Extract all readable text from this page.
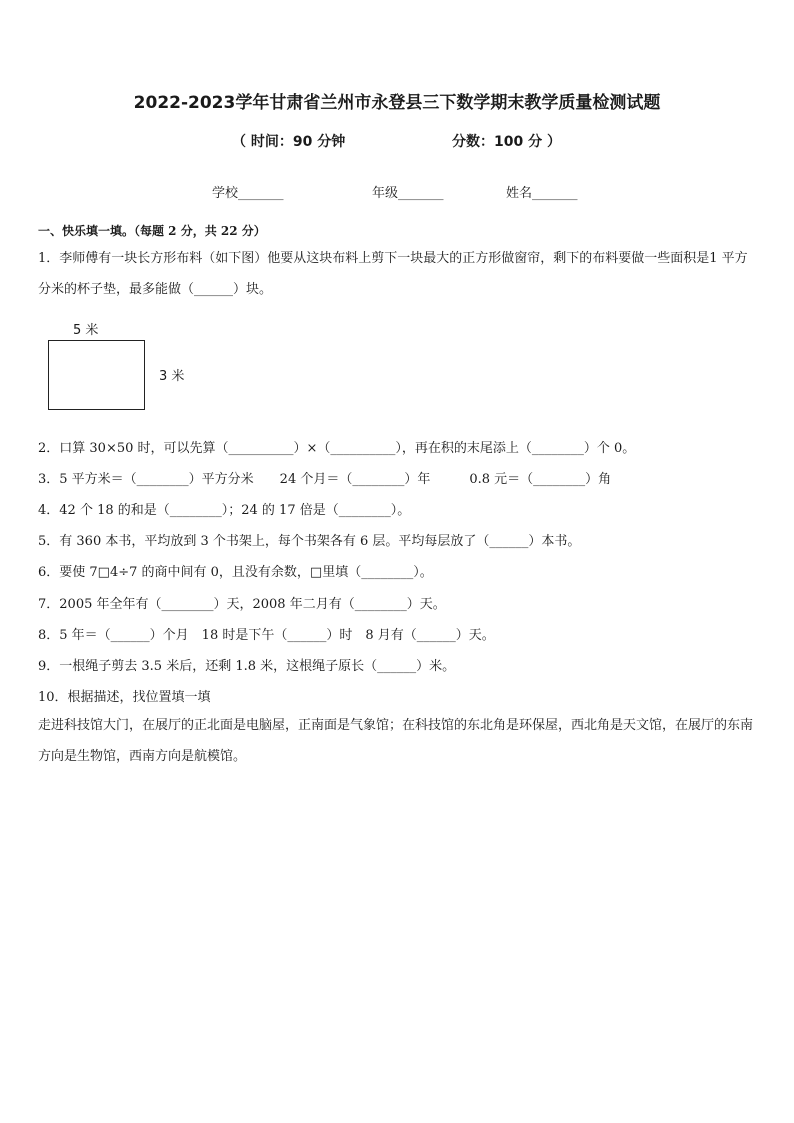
2022-2023学年甘肃省兰州市永登县三下数学期末教学质量检测试题
（ 时间：90 分钟	分数：100 分 ）
学校_______	年级_______	姓名_______
一、快乐填一填。（每题 2 分，共 22 分）
1．李师傅有一块长方形布料（如下图）他要从这块布料上剪下一块最大的正方形做窗帘，剩下的布料要做一些面积是1 平方分米的杯子垫，最多能做（______）块。
5 米
3 米
2．口算 30×50 时，可以先算（__________）×（__________），再在积的末尾添上（________）个 0。
3．5 平方米＝（________）平方分米　　24 个月＝（________）年　　　0.8 元＝（________）角
4．42 个 18 的和是（________）；24 的 17 倍是（________）。
5．有 360 本书，平均放到 3 个书架上，每个书架各有 6 层。平均每层放了（______）本书。
6．要使 7□4÷7 的商中间有 0，且没有余数，□里填（________）。
7．2005 年全年有（________）天，2008 年二月有（________）天。
8．5 年＝（______）个月　18 时是下午（______）时　8 月有（______）天。
9．一根绳子剪去 3.5 米后，还剩 1.8 米，这根绳子原长（______）米。
10．根据描述，找位置填一填
走进科技馆大门，在展厅的正北面是电脑屋，正南面是气象馆；在科技馆的东北角是环保屋，西北角是天文馆，在展厅的东南方向是生物馆，西南方向是航模馆。
